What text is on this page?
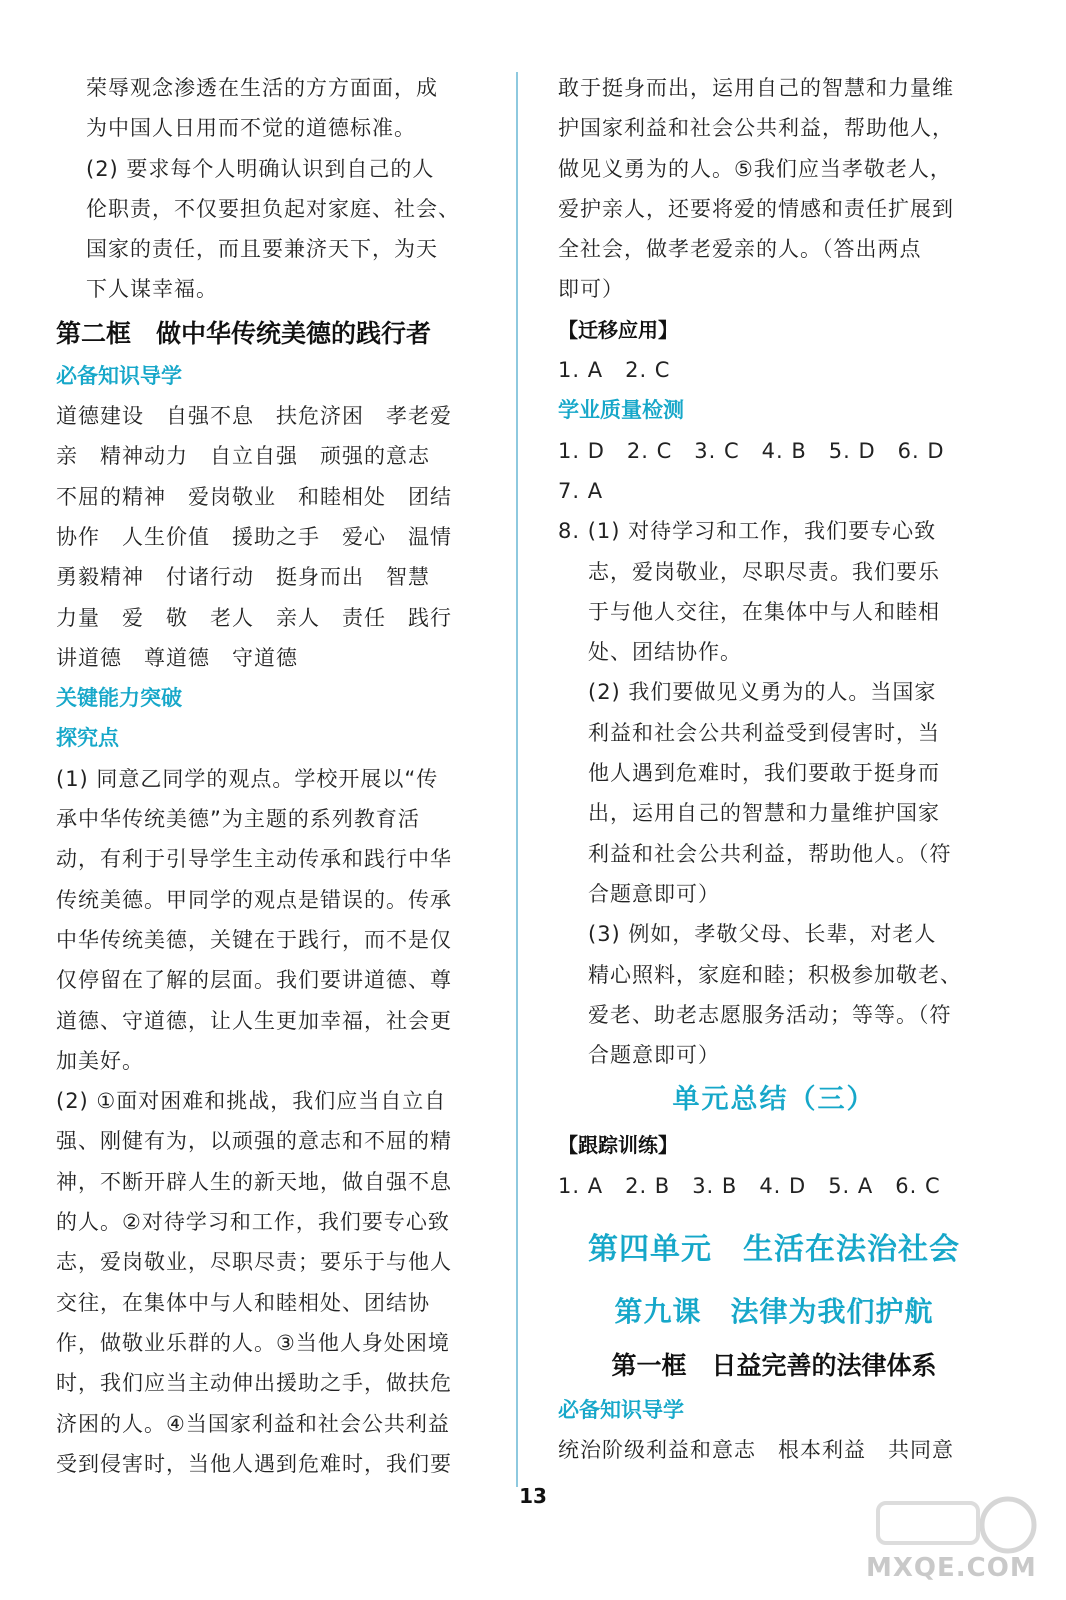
荣辱观念渗透在生活的方方面面，成
为中国人日用而不觉的道德标准。
(2) 要求每个人明确认识到自己的人
伦职责，不仅要担负起对家庭、社会、
国家的责任，而且要兼济天下，为天
下人谋幸福。
第二框　做中华传统美德的践行者
必备知识导学
道德建设　自强不息　扶危济困　孝老爱
亲　精神动力　自立自强　顽强的意志
不屈的精神　爱岗敬业　和睦相处　团结
协作　人生价值　援助之手　爱心　温情
勇毅精神　付诸行动　挺身而出　智慧
力量　爱　敬　老人　亲人　责任　践行
讲道德　尊道德　守道德
关键能力突破
探究点
(1) 同意乙同学的观点。学校开展以“传
承中华传统美德”为主题的系列教育活
动，有利于引导学生主动传承和践行中华
传统美德。甲同学的观点是错误的。传承
中华传统美德，关键在于践行，而不是仅
仅停留在了解的层面。我们要讲道德、尊
道德、守道德，让人生更加幸福，社会更
加美好。
(2) ①面对困难和挑战，我们应当自立自
强、刚健有为，以顽强的意志和不屈的精
神，不断开辟人生的新天地，做自强不息
的人。②对待学习和工作，我们要专心致
志，爱岗敬业，尽职尽责；要乐于与他人
交往，在集体中与人和睦相处、团结协
作，做敬业乐群的人。③当他人身处困境
时，我们应当主动伸出援助之手，做扶危
济困的人。④当国家利益和社会公共利益
受到侵害时，当他人遇到危难时，我们要
敢于挺身而出，运用自己的智慧和力量维
护国家利益和社会公共利益，帮助他人，
做见义勇为的人。⑤我们应当孝敬老人，
爱护亲人，还要将爱的情感和责任扩展到
全社会，做孝老爱亲的人。（答出两点
即可）
【迁移应用】
1. A　2. C
学业质量检测
1. D　2. C　3. C　4. B　5. D　6. D
7. A
8. (1) 对待学习和工作，我们要专心致
志，爱岗敬业，尽职尽责。我们要乐
于与他人交往，在集体中与人和睦相
处、团结协作。
(2) 我们要做见义勇为的人。当国家
利益和社会公共利益受到侵害时，当
他人遇到危难时，我们要敢于挺身而
出，运用自己的智慧和力量维护国家
利益和社会公共利益，帮助他人。（符
合题意即可）
(3) 例如，孝敬父母、长辈，对老人
精心照料，家庭和睦；积极参加敬老、
爱老、助老志愿服务活动；等等。（符
合题意即可）
单元总结（三）
【跟踪训练】
1. A　2. B　3. B　4. D　5. A　6. C
第四单元　生活在法治社会
第九课　法律为我们护航
第一框　日益完善的法律体系
必备知识导学
统治阶级利益和意志　根本利益　共同意
13
MXQE.COM
